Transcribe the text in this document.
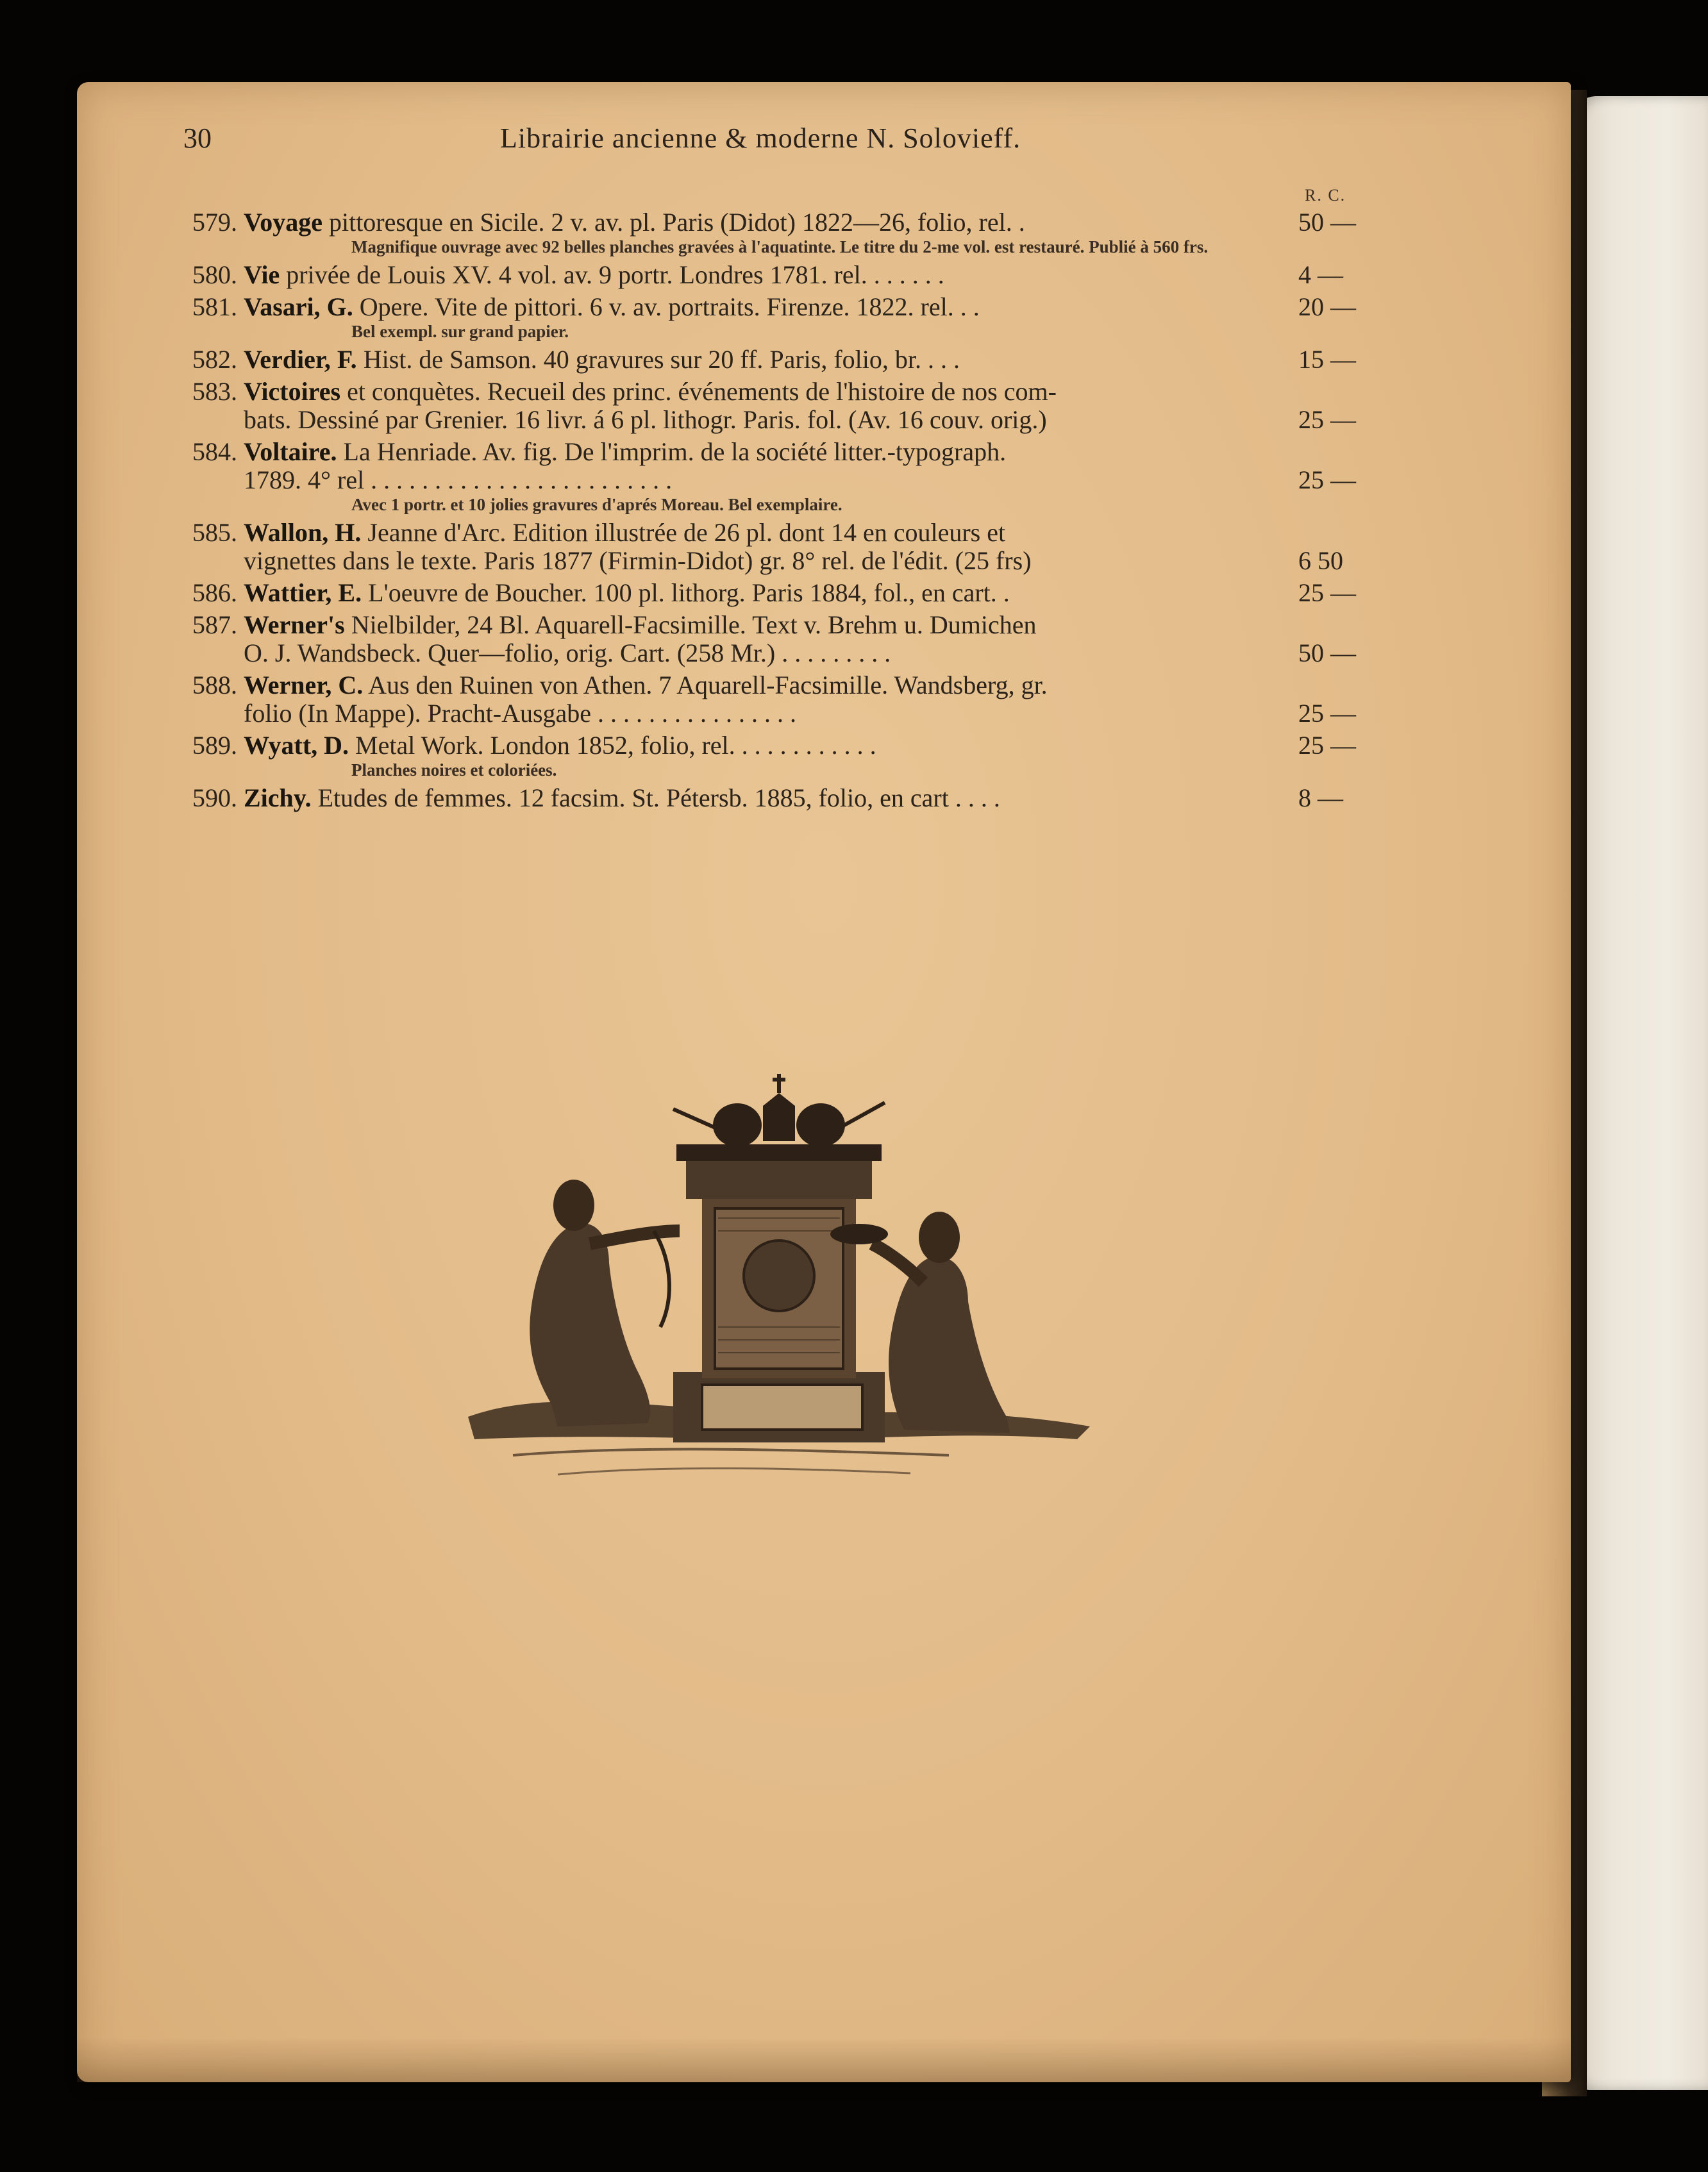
30	Librairie ancienne & moderne N. Solovieff.
R. C.
579. Voyage pittoresque en Sicile. 2 v. av. pl. Paris (Didot) 1822—26, folio, rel. .	50 —
Magnifique ouvrage avec 92 belles planches gravées à l'aquatinte. Le titre du 2-me vol. est restauré. Publié à 560 frs.
580. Vie privée de Louis XV. 4 vol. av. 9 portr. Londres 1781. rel. . . . . . .	4 —
581. Vasari, G. Opere. Vite de pittori. 6 v. av. portraits. Firenze. 1822. rel. . .	20 —
Bel exempl. sur grand papier.
582. Verdier, F. Hist. de Samson. 40 gravures sur 20 ff. Paris, folio, br. . . .	15 —
583. Victoires et conquètes. Recueil des princ. événements de l'histoire de nos com-
bats. Dessiné par Grenier. 16 livr. á 6 pl. lithogr. Paris. fol. (Av. 16 couv. orig.)	25 —
584. Voltaire. La Henriade. Av. fig. De l'imprim. de la société litter.-typograph.
1789. 4° rel . . . . . . . . . . . . . . . . . . . . . . . .	25 —
Avec 1 portr. et 10 jolies gravures d'aprés Moreau. Bel exemplaire.
585. Wallon, H. Jeanne d'Arc. Edition illustrée de 26 pl. dont 14 en couleurs et
vignettes dans le texte. Paris 1877 (Firmin-Didot) gr. 8° rel. de l'édit. (25 frs)	6 50
586. Wattier, E. L'oeuvre de Boucher. 100 pl. lithorg. Paris 1884, fol., en cart. .	25 —
587. Werner's Nielbilder, 24 Bl. Aquarell-Facsimille. Text v. Brehm u. Dumichen
O. J. Wandsbeck. Quer—folio, orig. Cart. (258 Mr.) . . . . . . . . .	50 —
588. Werner, C. Aus den Ruinen von Athen. 7 Aquarell-Facsimille. Wandsberg, gr.
folio (In Mappe). Pracht-Ausgabe . . . . . . . . . . . . . . . .	25 —
589. Wyatt, D. Metal Work. London 1852, folio, rel. . . . . . . . . . . .	25 —
Planches noires et coloriées.
590. Zichy. Etudes de femmes. 12 facsim. St. Pétersb. 1885, folio, en cart . . . .	8 —
